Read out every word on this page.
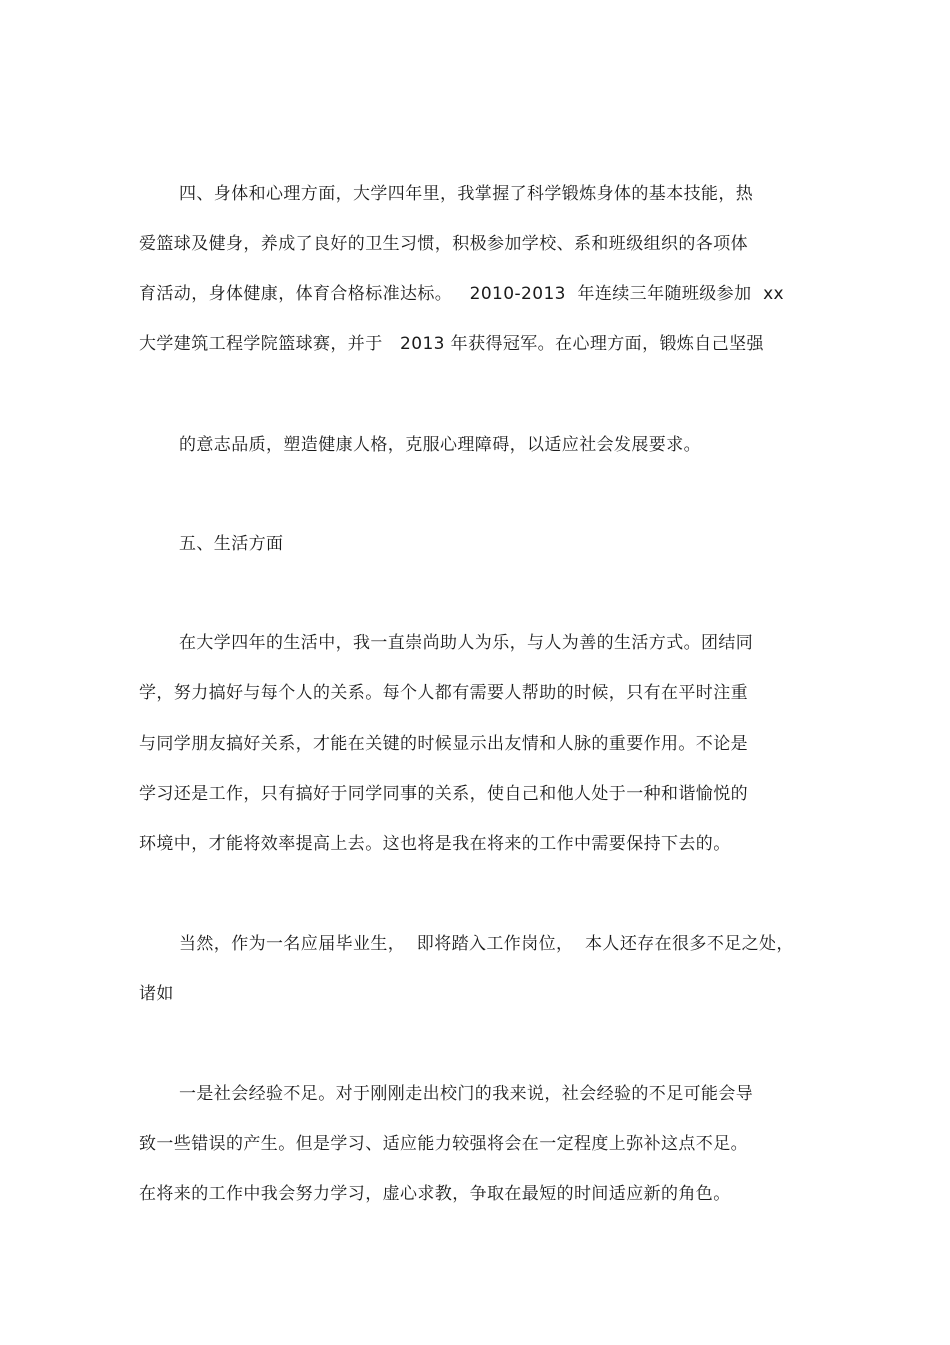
四、身体和心理方面，大学四年里，我掌握了科学锻炼身体的基本技能，热
爱篮球及健身，养成了良好的卫生习惯，积极参加学校、系和班级组织的各项体
育活动，身体健康，体育合格标准达标。   2010-2013  年连续三年随班级参加  xx
大学建筑工程学院篮球赛，并于   2013 年获得冠军。在心理方面，锻炼自己坚强
的意志品质，塑造健康人格，克服心理障碍，以适应社会发展要求。
五、生活方面
在大学四年的生活中，我一直崇尚助人为乐，与人为善的生活方式。团结同
学，努力搞好与每个人的关系。每个人都有需要人帮助的时候，只有在平时注重
与同学朋友搞好关系，才能在关键的时候显示出友情和人脉的重要作用。不论是
学习还是工作，只有搞好于同学同事的关系，使自己和他人处于一种和谐愉悦的
环境中，才能将效率提高上去。这也将是我在将来的工作中需要保持下去的。
当然，作为一名应届毕业生，  即将踏入工作岗位，  本人还存在很多不足之处，
诸如
一是社会经验不足。对于刚刚走出校门的我来说，社会经验的不足可能会导
致一些错误的产生。但是学习、适应能力较强将会在一定程度上弥补这点不足。
在将来的工作中我会努力学习，虚心求教，争取在最短的时间适应新的角色。
